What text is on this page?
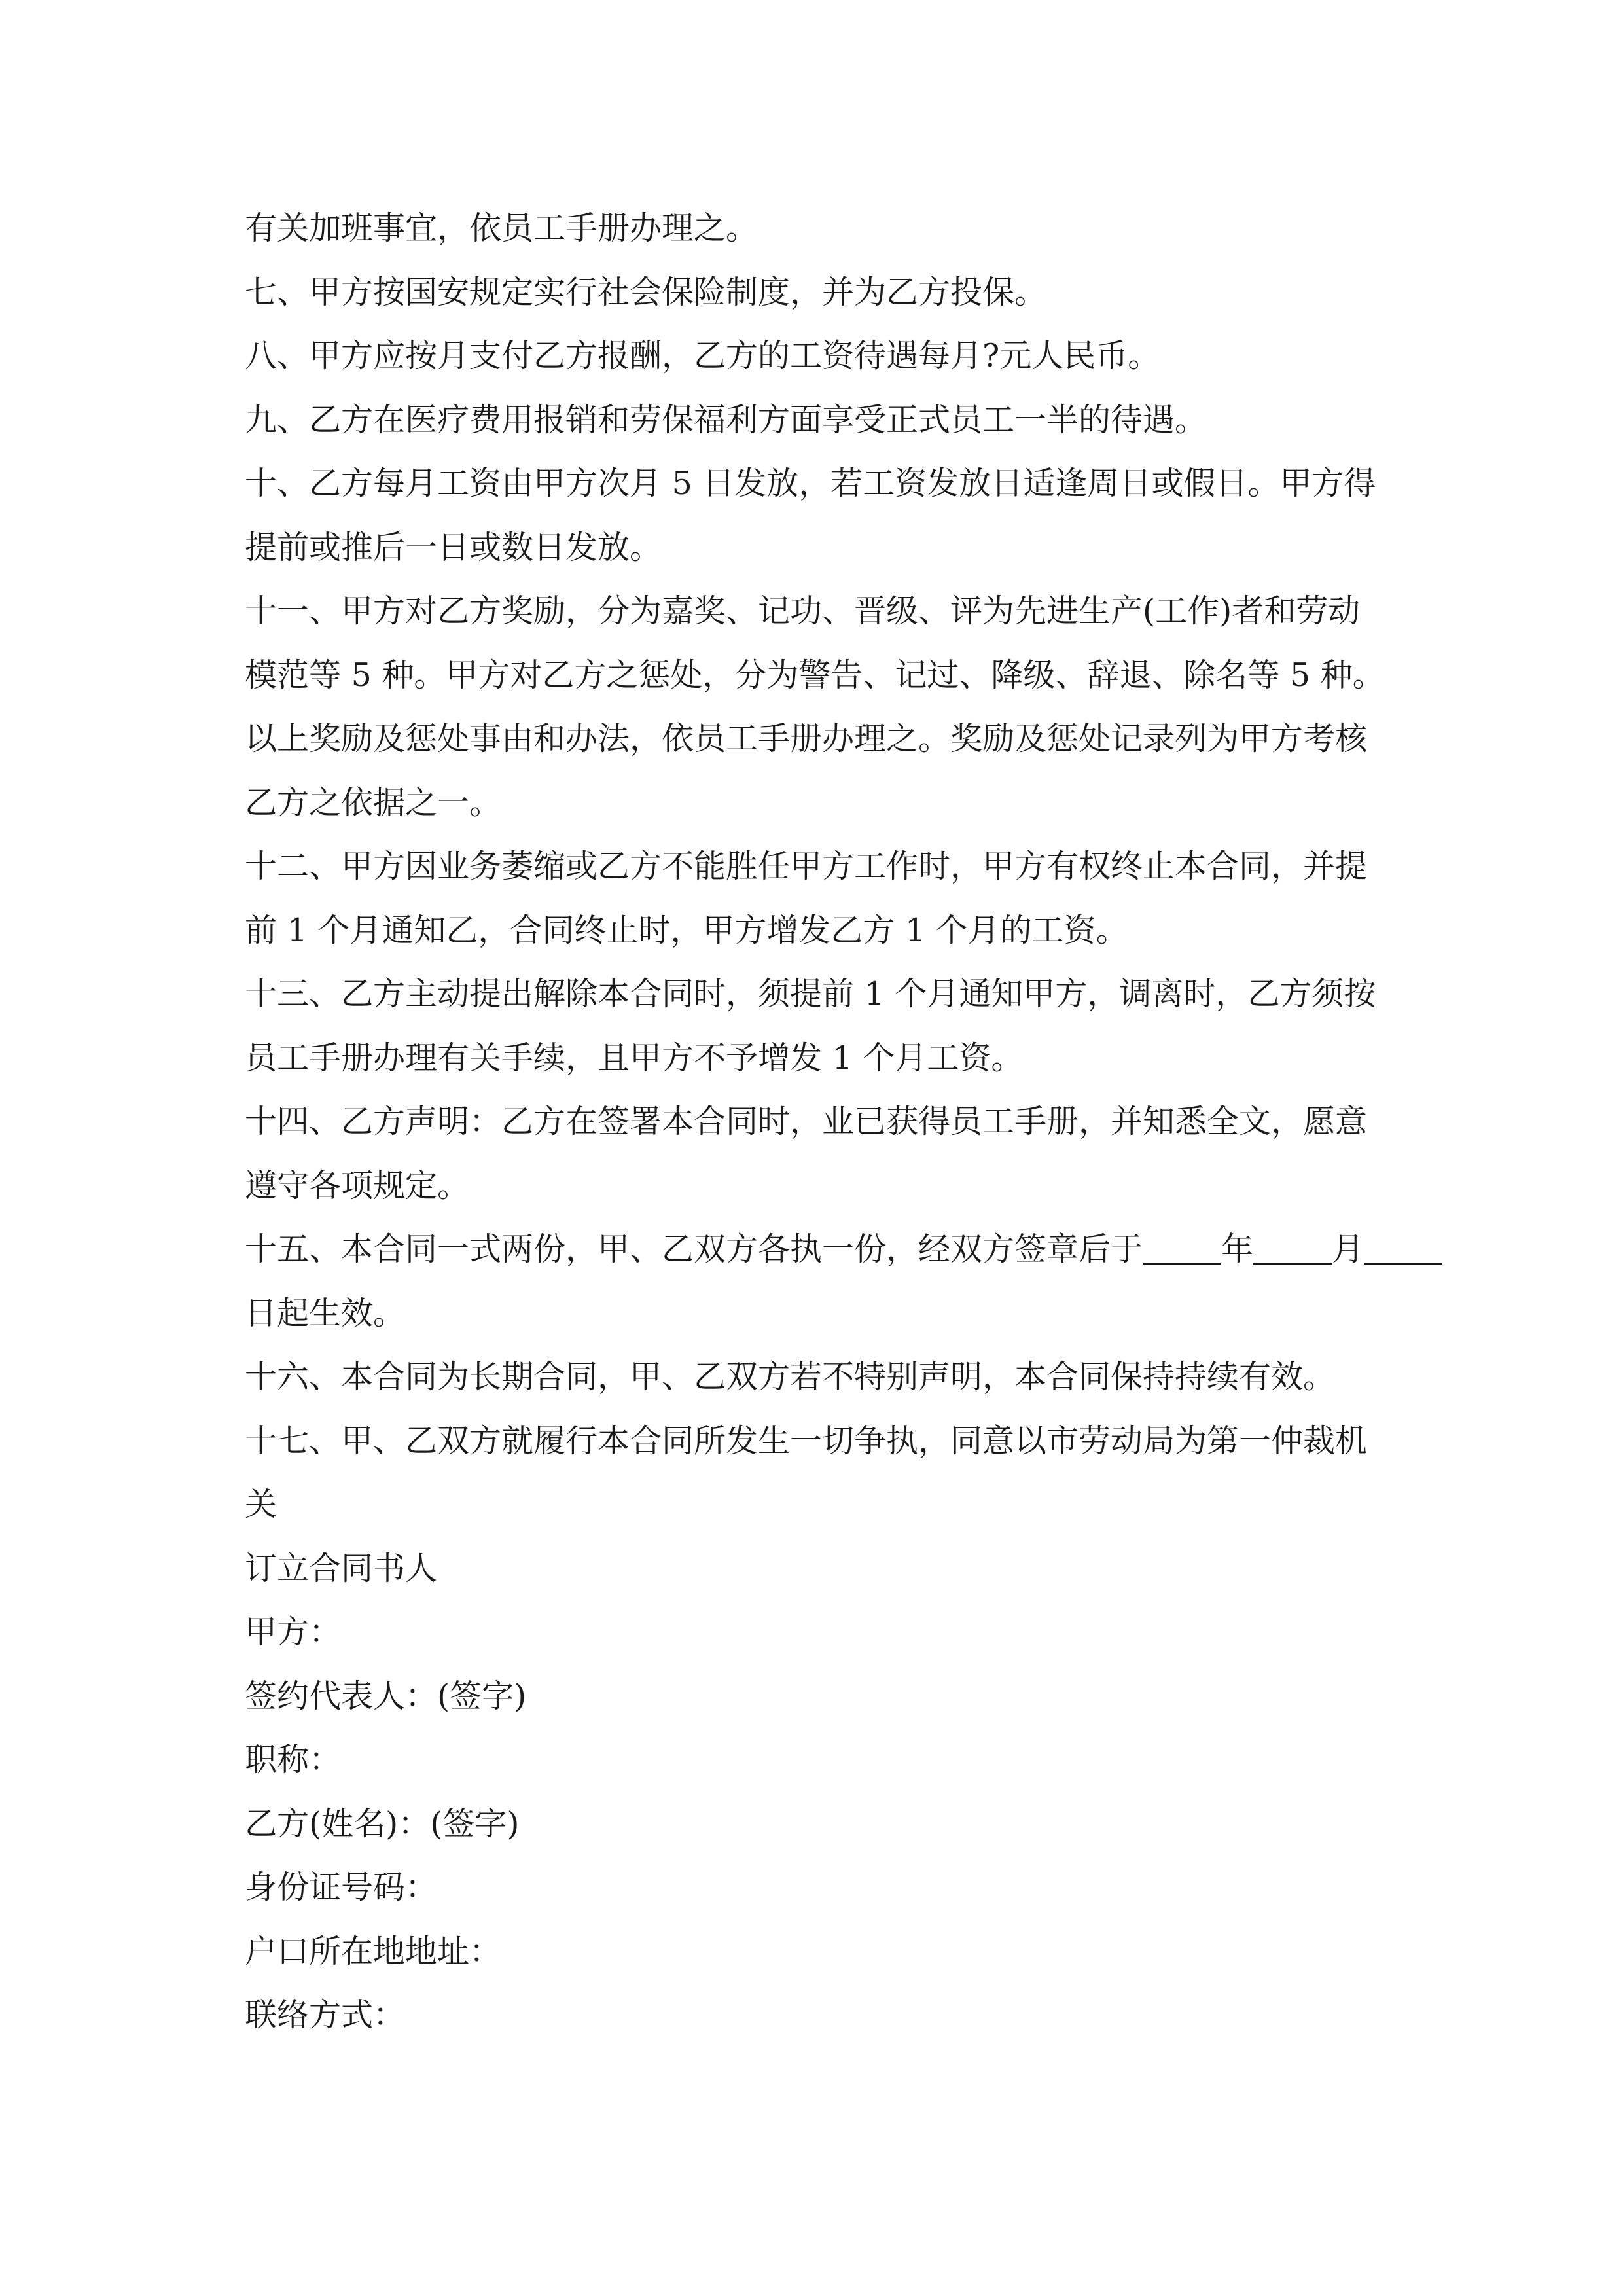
有关加班事宜，依员工手册办理之。

七、甲方按国安规定实行社会保险制度，并为乙方投保。

八、甲方应按月支付乙方报酬，乙方的工资待遇每月?元人民币。

九、乙方在医疗费用报销和劳保福利方面享受正式员工一半的待遇。

十、乙方每月工资由甲方次月 5 日发放，若工资发放日适逢周日或假日。甲方得

提前或推后一日或数日发放。

十一、甲方对乙方奖励，分为嘉奖、记功、晋级、评为先进生产(工作)者和劳动

模范等 5 种。甲方对乙方之惩处，分为警告、记过、降级、辞退、除名等 5 种。

以上奖励及惩处事由和办法，依员工手册办理之。奖励及惩处记录列为甲方考核

乙方之依据之一。

十二、甲方因业务萎缩或乙方不能胜任甲方工作时，甲方有权终止本合同，并提

前 1 个月通知乙，合同终止时，甲方增发乙方 1 个月的工资。

十三、乙方主动提出解除本合同时，须提前 1 个月通知甲方，调离时，乙方须按

员工手册办理有关手续，且甲方不予增发 1 个月工资。

十四、乙方声明：乙方在签署本合同时，业已获得员工手册，并知悉全文，愿意

遵守各项规定。

十五、本合同一式两份，甲、乙双方各执一份，经双方签章后于 年 月

日起生效。

十六、本合同为长期合同，甲、乙双方若不特别声明，本合同保持持续有效。

十七、甲、乙双方就履行本合同所发生一切争执，同意以市劳动局为第一仲裁机

关

订立合同书人

甲方：

签约代表人：(签字)

职称：

乙方(姓名)：(签字)

身份证号码：

户口所在地地址：

联络方式：
